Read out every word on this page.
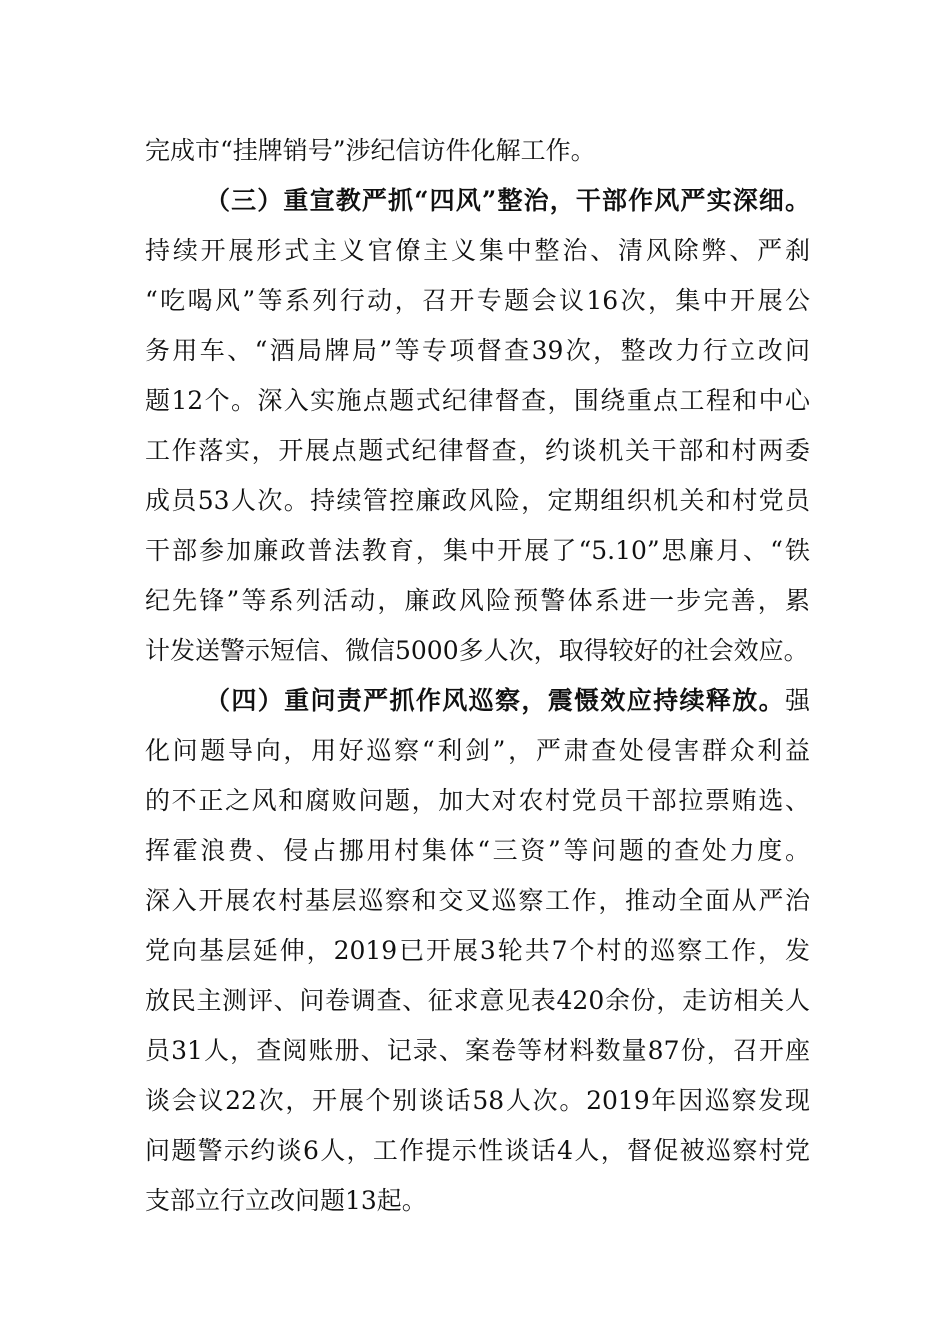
完成市“挂牌销号”涉纪信访件化解工作。
（三）重宣教严抓“四风”整治，干部作风严实深细。
持续开展形式主义官僚主义集中整治、清风除弊、严刹
“吃喝风”等系列行动，召开专题会议16次，集中开展公
务用车、“酒局牌局”等专项督查39次，整改力行立改问
题12个。深入实施点题式纪律督查，围绕重点工程和中心
工作落实，开展点题式纪律督查，约谈机关干部和村两委
成员53人次。持续管控廉政风险，定期组织机关和村党员
干部参加廉政普法教育，集中开展了“5.10”思廉月、“铁
纪先锋”等系列活动，廉政风险预警体系进一步完善，累
计发送警示短信、微信5000多人次，取得较好的社会效应。
（四）重问责严抓作风巡察，震慑效应持续释放。强
化问题导向，用好巡察“利剑”，严肃查处侵害群众利益
的不正之风和腐败问题，加大对农村党员干部拉票贿选、
挥霍浪费、侵占挪用村集体“三资”等问题的查处力度。
深入开展农村基层巡察和交叉巡察工作，推动全面从严治
党向基层延伸，2019已开展3轮共7个村的巡察工作，发
放民主测评、问卷调查、征求意见表420余份，走访相关人
员31人，查阅账册、记录、案卷等材料数量87份，召开座
谈会议22次，开展个别谈话58人次。2019年因巡察发现
问题警示约谈6人，工作提示性谈话4人，督促被巡察村党
支部立行立改问题13起。
